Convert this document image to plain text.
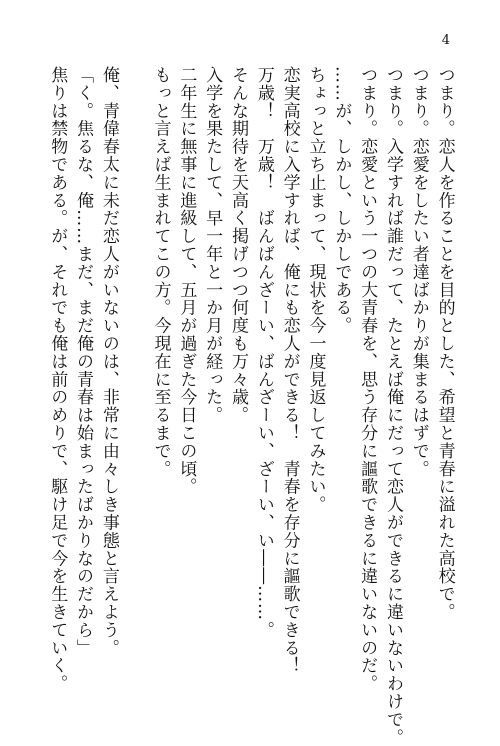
4
つまり。恋人を作ることを目的とした、希望と青春に溢れた高校で。
つまり。恋愛をしたい者達ばかりが集まるはずで。
つまり。入学すれば誰だって、たとえば俺にだって恋人ができるに違いないわけで。
つまり。恋愛という一つの大青春を、思う存分に謳歌できるに違いないのだ。
……が、しかし、しかしである。
ちょっと立ち止まって、現状を今一度見返してみたい。
恋実高校に入学すれば、俺にも恋人ができる！　青春を存分に謳歌できる！
万歳！　万歳！　ばんばんざーい、ばんざーい、ざーい、い――……。
そんな期待を天高く掲げつつ何度も万々歳。
入学を果たして、早一年と一か月が経った。
二年生に無事に進級して、五月が過ぎた今日この頃。
もっと言えば生まれてこの方。今現在に至るまで。
俺、青偉春太に未だ恋人がいないのは、非常に由々しき事態と言えよう。
「く。焦るな、俺……まだ、まだ俺の青春は始まったばかりなのだから」
焦りは禁物である。が、それでも俺は前のめりで、駆け足で今を生きていく。
